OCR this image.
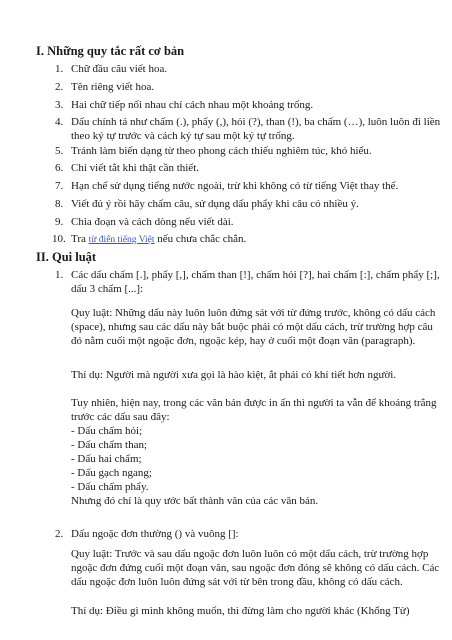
I. Những quy tắc rất cơ bản
1. Chữ đầu câu viết hoa.
2. Tên riêng viết hoa.
3. Hai chữ tiếp nối nhau chỉ cách nhau một khoảng trống.
4. Dấu chính tả như chấm (.), phẩy (,), hỏi (?), than (!), ba chấm (…), luôn luôn đi liền theo ký tự trước và cách ký tự sau một ký tự trống.
5. Tránh làm biến dạng từ theo phong cách thiếu nghiêm túc, khó hiểu.
6. Chỉ viết tắt khi thật cần thiết.
7. Hạn chế sử dụng tiếng nước ngoài, trừ khi không có từ tiếng Việt thay thế.
8. Viết đủ ý rồi hãy chấm câu, sử dụng dấu phẩy khi câu có nhiều ý.
9. Chia đoạn và cách dòng nếu viết dài.
10. Tra từ điển tiếng Việt nếu chưa chắc chắn.
II. Qui luật
1. Các dấu chấm [.], phẩy [,], chấm than [!], chấm hỏi [?], hai chấm [:], chấm phẩy [;], dấu 3 chấm [...]:
Quy luật: Những dấu này luôn luôn đứng sát với từ đứng trước, không có dấu cách (space), nhưng sau các dấu này bắt buộc phải có một dấu cách, trừ trường hợp câu đó nằm cuối một ngoặc đơn, ngoặc kép, hay ở cuối một đoạn văn (paragraph).
Thí dụ: Người mà người xưa gọi là hào kiệt, ắt phải có khí tiết hơn người.
Tuy nhiên, hiện nay, trong các văn bản được in ấn thì người ta vẫn để khoảng trắng trước các dấu sau đây:
- Dấu chấm hỏi;
- Dấu chấm than;
- Dấu hai chấm;
- Dấu gạch ngang;
- Dấu chấm phẩy.
Nhưng đó chỉ là quy ước bất thành văn của các văn bản.
2. Dấu ngoặc đơn thường () và vuông []:
Quy luật: Trước và sau dấu ngoặc đơn luôn luôn có một dấu cách, trừ trường hợp ngoặc đơn đứng cuối một đoạn văn, sau ngoặc đơn đóng sẽ không có dấu cách. Các dấu ngoặc đơn luôn luôn đứng sát với từ bên trong đầu, không có dấu cách.
Thí dụ: Điều gì mình không muốn, thì đừng làm cho người khác (Khổng Tử)
